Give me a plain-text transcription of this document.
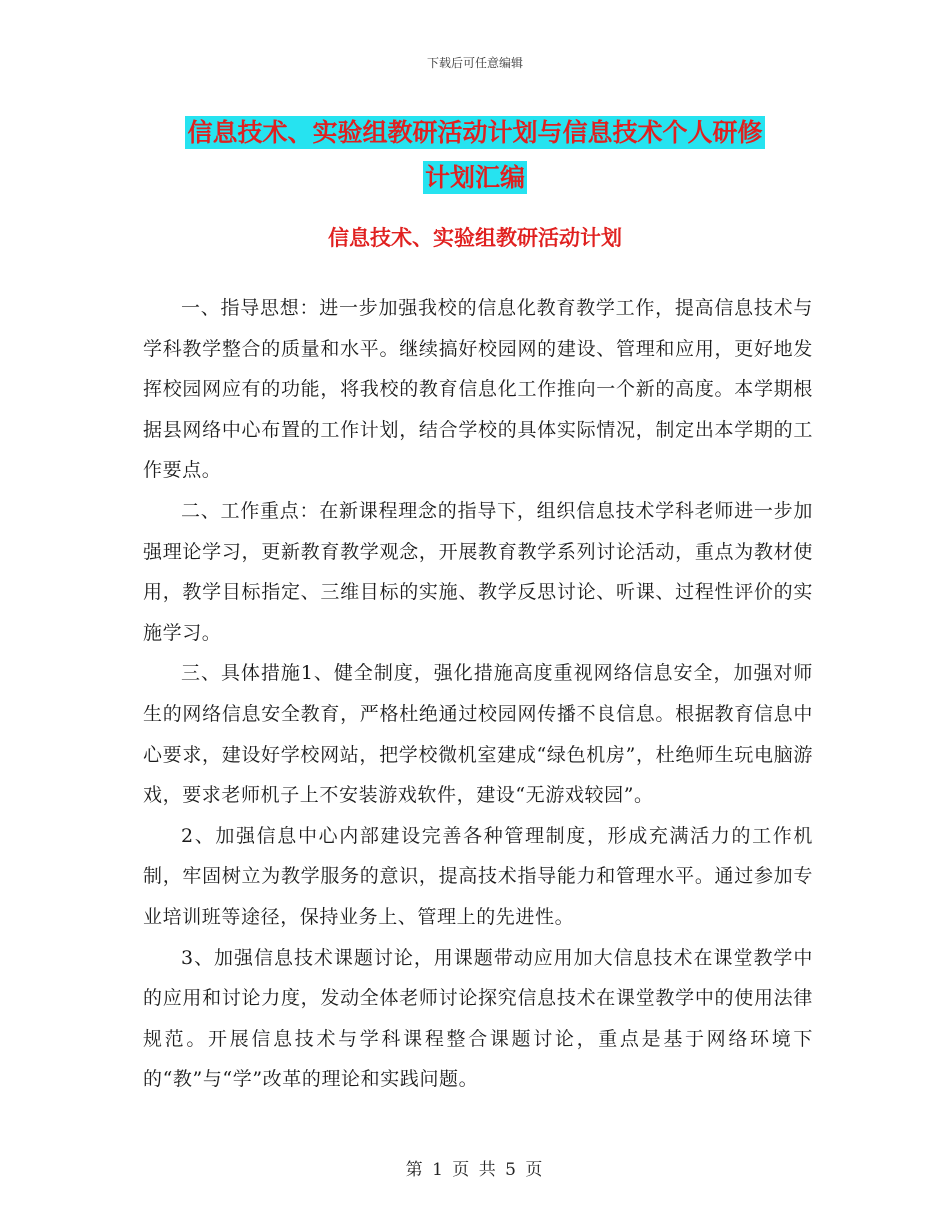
下载后可任意编辑
信息技术、实验组教研活动计划与信息技术个人研修
计划汇编
信息技术、实验组教研活动计划

一、指导思想：进一步加强我校的信息化教育教学工作，提高信息技术与学科教学整合的质量和水平。继续搞好校园网的建设、管理和应用，更好地发挥校园网应有的功能，将我校的教育信息化工作推向一个新的高度。本学期根据县网络中心布置的工作计划，结合学校的具体实际情况，制定出本学期的工作要点。

二、工作重点：在新课程理念的指导下，组织信息技术学科老师进一步加强理论学习，更新教育教学观念，开展教育教学系列讨论活动，重点为教材使用，教学目标指定、三维目标的实施、教学反思讨论、听课、过程性评价的实施学习。

三、具体措施1、健全制度，强化措施高度重视网络信息安全，加强对师生的网络信息安全教育，严格杜绝通过校园网传播不良信息。根据教育信息中心要求，建设好学校网站，把学校微机室建成“绿色机房”，杜绝师生玩电脑游戏，要求老师机子上不安装游戏软件，建设“无游戏较园”。

2、加强信息中心内部建设完善各种管理制度，形成充满活力的工作机制，牢固树立为教学服务的意识，提高技术指导能力和管理水平。通过参加专业培训班等途径，保持业务上、管理上的先进性。

3、加强信息技术课题讨论，用课题带动应用加大信息技术在课堂教学中的应用和讨论力度，发动全体老师讨论探究信息技术在课堂教学中的使用法律规范。开展信息技术与学科课程整合课题讨论，重点是基于网络环境下的“教”与“学”改革的理论和实践问题。

第 1 页 共 5 页
